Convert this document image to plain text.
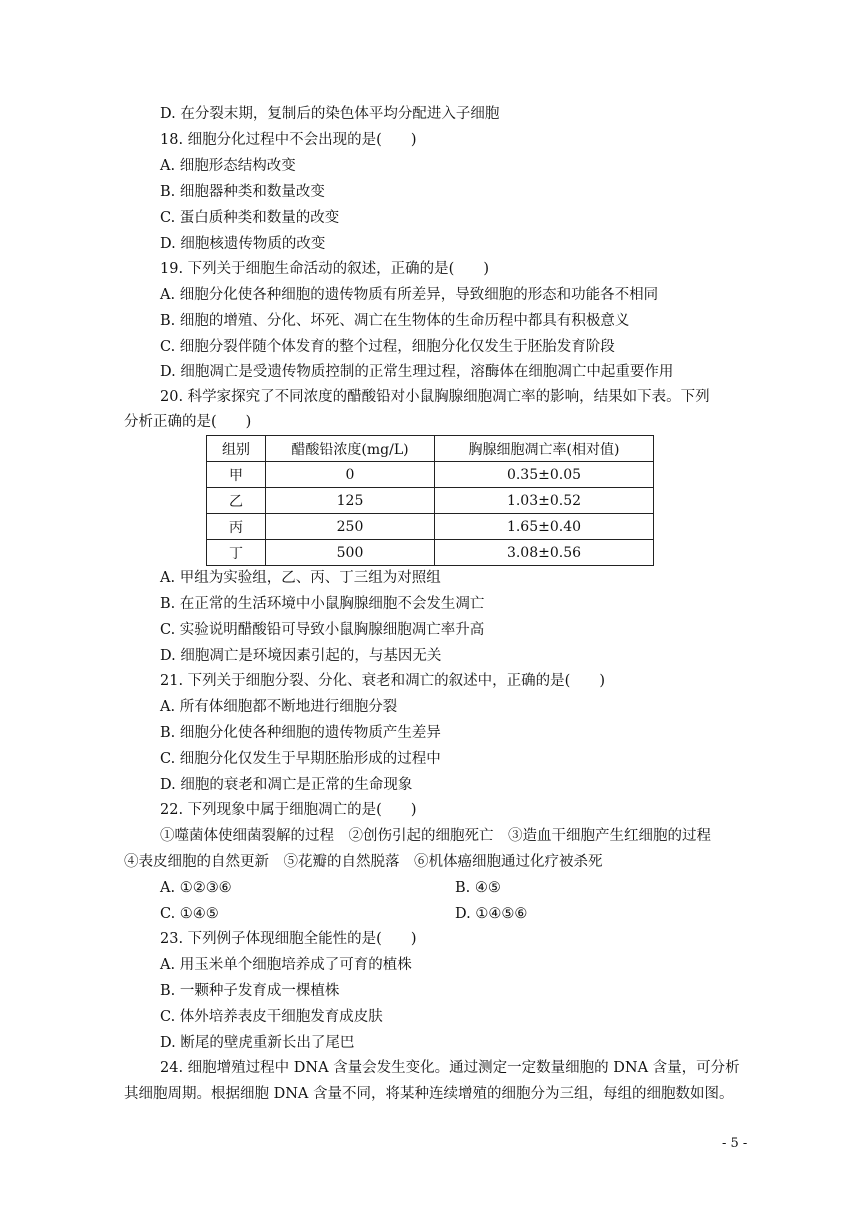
D. 在分裂末期，复制后的染色体平均分配进入子细胞
18. 细胞分化过程中不会出现的是(　　)
A. 细胞形态结构改变
B. 细胞器种类和数量改变
C. 蛋白质种类和数量的改变
D. 细胞核遗传物质的改变
19. 下列关于细胞生命活动的叙述，正确的是(　　)
A. 细胞分化使各种细胞的遗传物质有所差异，导致细胞的形态和功能各不相同
B. 细胞的增殖、分化、坏死、凋亡在生物体的生命历程中都具有积极意义
C. 细胞分裂伴随个体发育的整个过程，细胞分化仅发生于胚胎发育阶段
D. 细胞凋亡是受遗传物质控制的正常生理过程，溶酶体在细胞凋亡中起重要作用
20. 科学家探究了不同浓度的醋酸铅对小鼠胸腺细胞凋亡率的影响，结果如下表。下列
分析正确的是(　　)
组别	醋酸铅浓度(mg/L)	胸腺细胞凋亡率(相对值)
甲	0	0.35±0.05
乙	125	1.03±0.52
丙	250	1.65±0.40
丁	500	3.08±0.56
A. 甲组为实验组，乙、丙、丁三组为对照组
B. 在正常的生活环境中小鼠胸腺细胞不会发生凋亡
C. 实验说明醋酸铅可导致小鼠胸腺细胞凋亡率升高
D. 细胞凋亡是环境因素引起的，与基因无关
21. 下列关于细胞分裂、分化、衰老和凋亡的叙述中，正确的是(　　)
A. 所有体细胞都不断地进行细胞分裂
B. 细胞分化使各种细胞的遗传物质产生差异
C. 细胞分化仅发生于早期胚胎形成的过程中
D. 细胞的衰老和凋亡是正常的生命现象
22. 下列现象中属于细胞凋亡的是(　　)
①噬菌体使细菌裂解的过程　②创伤引起的细胞死亡　③造血干细胞产生红细胞的过程
④表皮细胞的自然更新　⑤花瓣的自然脱落　⑥机体癌细胞通过化疗被杀死
A. ①②③⑥	B. ④⑤
C. ①④⑤	D. ①④⑤⑥
23. 下列例子体现细胞全能性的是(　　)
A. 用玉米单个细胞培养成了可育的植株
B. 一颗种子发育成一棵植株
C. 体外培养表皮干细胞发育成皮肤
D. 断尾的壁虎重新长出了尾巴
24. 细胞增殖过程中 DNA 含量会发生变化。通过测定一定数量细胞的 DNA 含量，可分析
其细胞周期。根据细胞 DNA 含量不同，将某种连续增殖的细胞分为三组，每组的细胞数如图。
- 5 -
